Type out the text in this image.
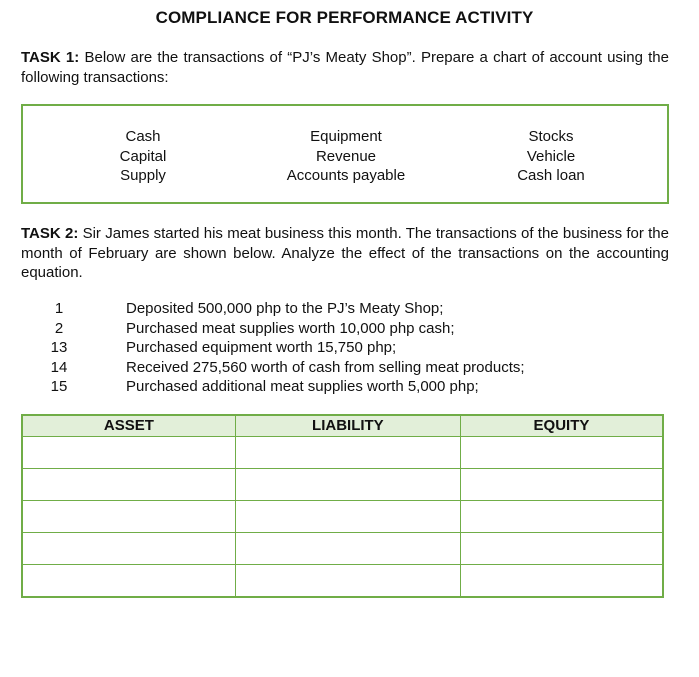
COMPLIANCE FOR PERFORMANCE ACTIVITY
TASK 1: Below are the transactions of “PJ’s Meaty Shop”. Prepare a chart of account using the following transactions:
Cash
Capital
Supply
Equipment
Revenue
Accounts payable
Stocks
Vehicle
Cash loan
TASK 2: Sir James started his meat business this month. The transactions of the business for the month of February are shown below. Analyze the effect of the transactions on the accounting equation.
1	Deposited 500,000 php to the PJ’s Meaty Shop;
2	Purchased meat supplies worth 10,000 php cash;
13	Purchased equipment worth 15,750 php;
14	Received 275,560 worth of cash from selling meat products;
15	Purchased additional meat supplies worth 5,000 php;
ASSET	LIABILITY	EQUITY
